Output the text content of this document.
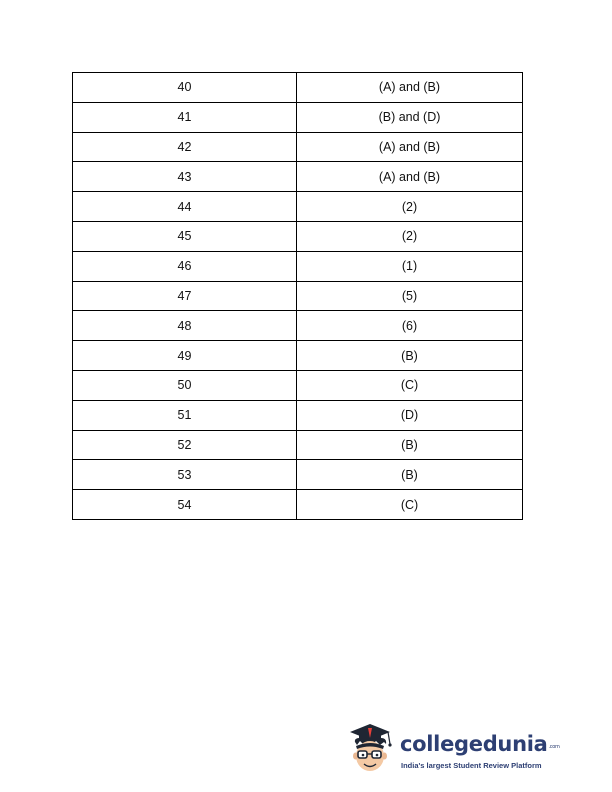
40	(A) and (B)
41	(B) and (D)
42	(A) and (B)
43	(A) and (B)
44	(2)
45	(2)
46	(1)
47	(5)
48	(6)
49	(B)
50	(C)
51	(D)
52	(B)
53	(B)
54	(C)
collegedunia$^{.com}$
India's largest Student Review Platform
